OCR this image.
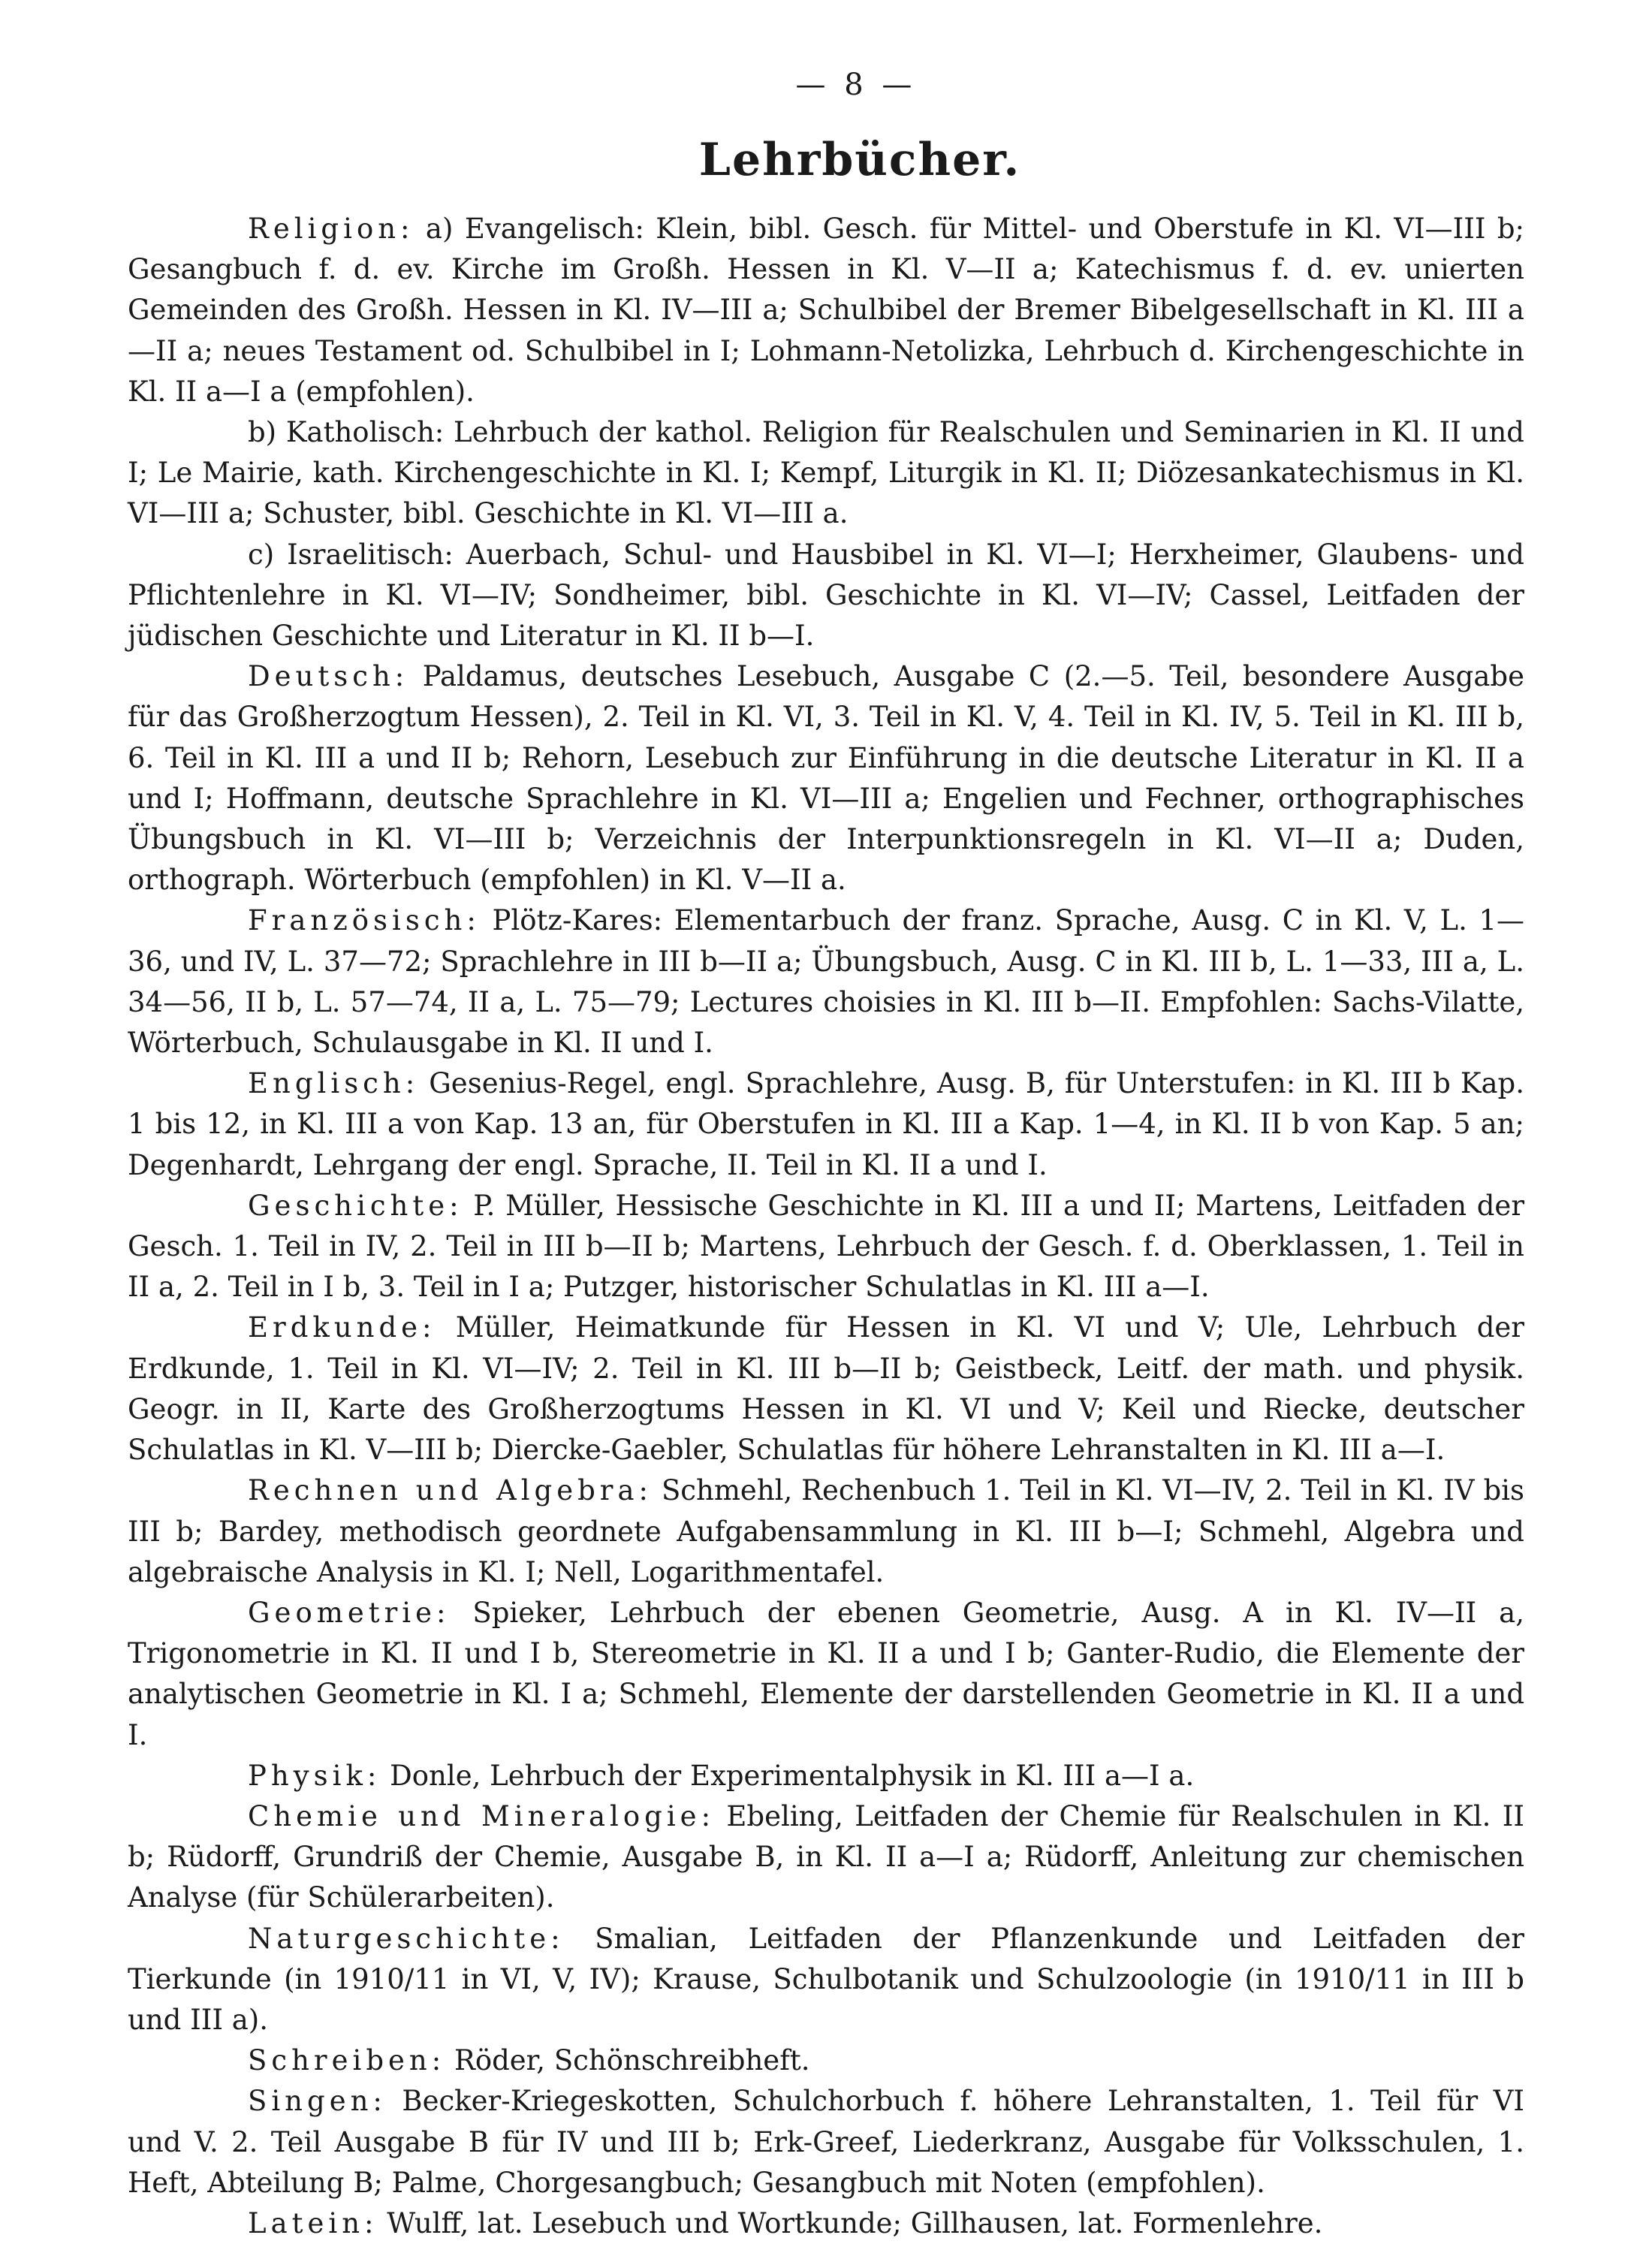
— 8 —
Lehrbücher.

Religion: a) Evangelisch: Klein, bibl. Gesch. für Mittel- und Oberstufe in Kl. VI—III b; Gesangbuch f. d. ev. Kirche im Großh. Hessen in Kl. V—II a; Katechismus f. d. ev. unierten Gemeinden des Großh. Hessen in Kl. IV—III a; Schulbibel der Bremer Bibelgesellschaft in Kl. III a—II a; neues Testament od. Schulbibel in I; Lohmann-Netolizka, Lehrbuch d. Kirchengeschichte in Kl. II a—I a (empfohlen).

b) Katholisch: Lehrbuch der kathol. Religion für Realschulen und Seminarien in Kl. II und I; Le Mairie, kath. Kirchengeschichte in Kl. I; Kempf, Liturgik in Kl. II; Diözesankatechismus in Kl. VI—III a; Schuster, bibl. Geschichte in Kl. VI—III a.

c) Israelitisch: Auerbach, Schul- und Hausbibel in Kl. VI—I; Herxheimer, Glaubens- und Pflichtenlehre in Kl. VI—IV; Sondheimer, bibl. Geschichte in Kl. VI—IV; Cassel, Leitfaden der jüdischen Geschichte und Literatur in Kl. II b—I.

Deutsch: Paldamus, deutsches Lesebuch, Ausgabe C (2.—5. Teil, besondere Ausgabe für das Großherzogtum Hessen), 2. Teil in Kl. VI, 3. Teil in Kl. V, 4. Teil in Kl. IV, 5. Teil in Kl. III b, 6. Teil in Kl. III a und II b; Rehorn, Lesebuch zur Einführung in die deutsche Literatur in Kl. II a und I; Hoffmann, deutsche Sprachlehre in Kl. VI—III a; Engelien und Fechner, orthographisches Übungsbuch in Kl. VI—III b; Verzeichnis der Interpunktionsregeln in Kl. VI—II a; Duden, orthograph. Wörterbuch (empfohlen) in Kl. V—II a.

Französisch: Plötz-Kares: Elementarbuch der franz. Sprache, Ausg. C in Kl. V, L. 1—36, und IV, L. 37—72; Sprachlehre in III b—II a; Übungsbuch, Ausg. C in Kl. III b, L. 1—33, III a, L. 34—56, II b, L. 57—74, II a, L. 75—79; Lectures choisies in Kl. III b—II. Empfohlen: Sachs-Vilatte, Wörterbuch, Schulausgabe in Kl. II und I.

Englisch: Gesenius-Regel, engl. Sprachlehre, Ausg. B, für Unterstufen: in Kl. III b Kap. 1 bis 12, in Kl. III a von Kap. 13 an, für Oberstufen in Kl. III a Kap. 1—4, in Kl. II b von Kap. 5 an; Degenhardt, Lehrgang der engl. Sprache, II. Teil in Kl. II a und I.

Geschichte: P. Müller, Hessische Geschichte in Kl. III a und II; Martens, Leitfaden der Gesch. 1. Teil in IV, 2. Teil in III b—II b; Martens, Lehrbuch der Gesch. f. d. Oberklassen, 1. Teil in II a, 2. Teil in I b, 3. Teil in I a; Putzger, historischer Schulatlas in Kl. III a—I.

Erdkunde: Müller, Heimatkunde für Hessen in Kl. VI und V; Ule, Lehrbuch der Erdkunde, 1. Teil in Kl. VI—IV; 2. Teil in Kl. III b—II b; Geistbeck, Leitf. der math. und physik. Geogr. in II, Karte des Großherzogtums Hessen in Kl. VI und V; Keil und Riecke, deutscher Schulatlas in Kl. V—III b; Diercke-Gaebler, Schulatlas für höhere Lehranstalten in Kl. III a—I.

Rechnen und Algebra: Schmehl, Rechenbuch 1. Teil in Kl. VI—IV, 2. Teil in Kl. IV bis III b; Bardey, methodisch geordnete Aufgabensammlung in Kl. III b—I; Schmehl, Algebra und algebraische Analysis in Kl. I; Nell, Logarithmentafel.

Geometrie: Spieker, Lehrbuch der ebenen Geometrie, Ausg. A in Kl. IV—II a, Trigonometrie in Kl. II und I b, Stereometrie in Kl. II a und I b; Ganter-Rudio, die Elemente der analytischen Geometrie in Kl. I a; Schmehl, Elemente der darstellenden Geometrie in Kl. II a und I.

Physik: Donle, Lehrbuch der Experimentalphysik in Kl. III a—I a.

Chemie und Mineralogie: Ebeling, Leitfaden der Chemie für Realschulen in Kl. II b; Rüdorff, Grundriß der Chemie, Ausgabe B, in Kl. II a—I a; Rüdorff, Anleitung zur chemischen Analyse (für Schülerarbeiten).

Naturgeschichte: Smalian, Leitfaden der Pflanzenkunde und Leitfaden der Tierkunde (in 1910/11 in VI, V, IV); Krause, Schulbotanik und Schulzoologie (in 1910/11 in III b und III a).

Schreiben: Röder, Schönschreibheft.

Singen: Becker-Kriegeskotten, Schulchorbuch f. höhere Lehranstalten, 1. Teil für VI und V. 2. Teil Ausgabe B für IV und III b; Erk-Greef, Liederkranz, Ausgabe für Volksschulen, 1. Heft, Abteilung B; Palme, Chorgesangbuch; Gesangbuch mit Noten (empfohlen).

Latein: Wulff, lat. Lesebuch und Wortkunde; Gillhausen, lat. Formenlehre.
